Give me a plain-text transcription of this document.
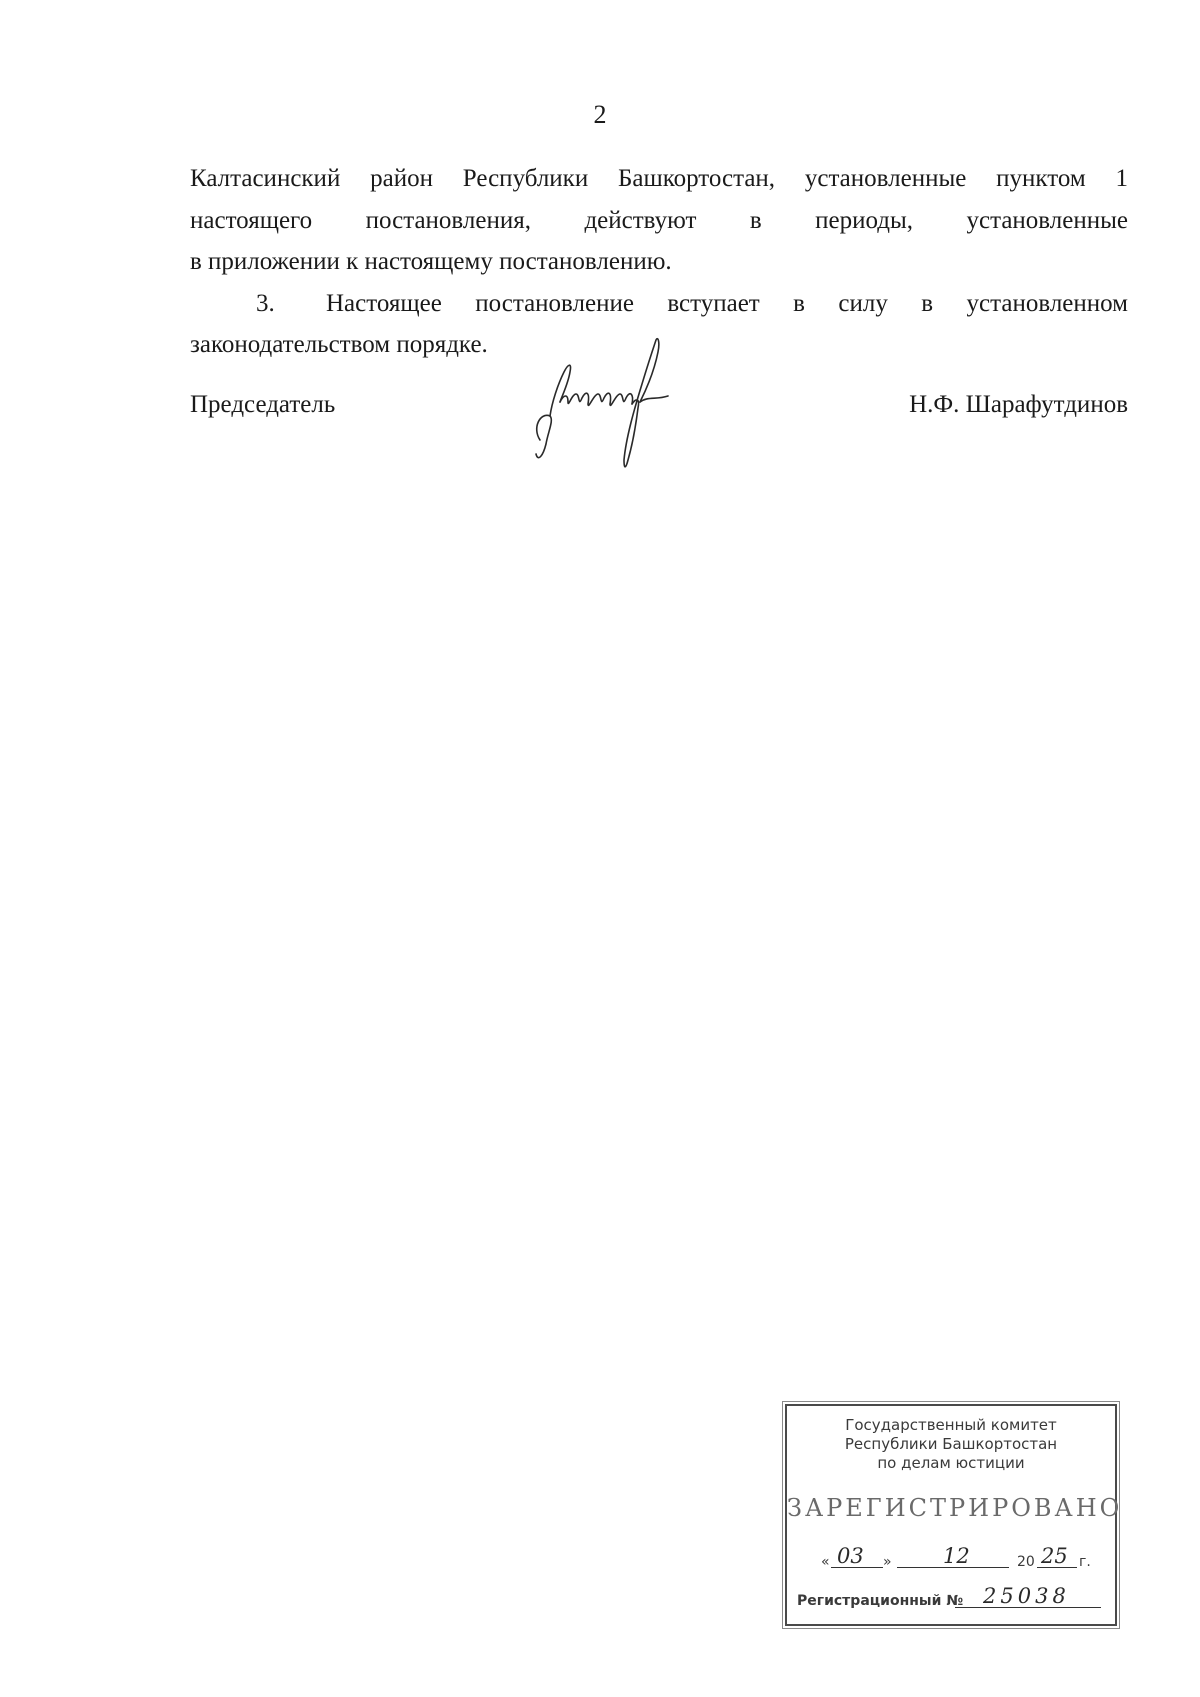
2

Калтасинский район Республики Башкортостан, установленные пунктом 1
настоящего постановления, действуют в периоды, установленные
в приложении к настоящему постановлению.

3. Настоящее постановление вступает в силу в установленном
законодательством порядке.

Председатель	Н.Ф. Шарафутдинов
Государственный комитет
Республики Башкортостан
по делам юстиции
ЗАРЕГИСТРИРОВАНО
« 03 » 12	20 25 г.
Регистрационный № 25038
